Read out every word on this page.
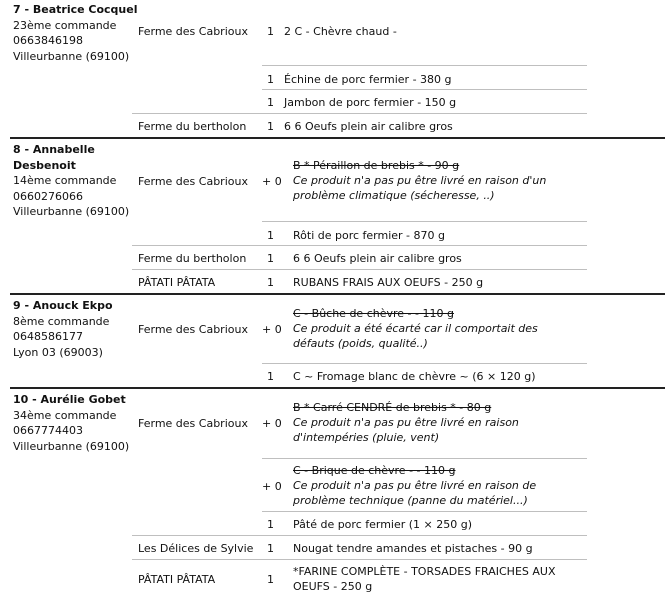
7 - Beatrice Cocquel
23ème commande
0663846198
Villeurbanne (69100)
8 - Annabelle
Desbenoit
14ème commande
0660276066
Villeurbanne (69100)
9 - Anouck Ekpo
8ème commande
0648586177
Lyon 03 (69003)
10 - Aurélie Gobet
34ème commande
0667774403
Villeurbanne (69100)
Ferme des Cabrioux 1 2 C - Chèvre chaud -
1 Échine de porc fermier - 380 g
1 Jambon de porc fermier - 150 g
Ferme du bertholon 1 6 6 Oeufs plein air calibre gros
Ferme des Cabrioux + 0
B * Péraillon de brebis * - 90 g
Ce produit n'a pas pu être livré en raison d'un problème climatique (sécheresse, ..)
1 Rôti de porc fermier - 870 g
Ferme du bertholon 1 6 6 Oeufs plein air calibre gros
PÂTATI PÂTATA	1 RUBANS FRAIS AUX OEUFS - 250 g
Ferme des Cabrioux + 0
C - Bûche de chèvre - - 110 g
Ce produit a été écarté car il comportait des défauts (poids, qualité..)
1 C ~ Fromage blanc de chèvre ~ (6 × 120 g)
Ferme des Cabrioux + 0
B * Carré CENDRÉ de brebis * - 80 g
Ce produit n'a pas pu être livré en raison d'intempéries (pluie, vent)
+ 0
C - Brique de chèvre - - 110 g
Ce produit n'a pas pu être livré en raison de problème technique (panne du matériel...)
1 Pâté de porc fermier (1 × 250 g)
Les Délices de Sylvie 1 Nougat tendre amandes et pistaches - 90 g
PÂTATI PÂTATA	1
*FARINE COMPLÈTE - TORSADES FRAICHES AUX
OEUFS - 250 g
